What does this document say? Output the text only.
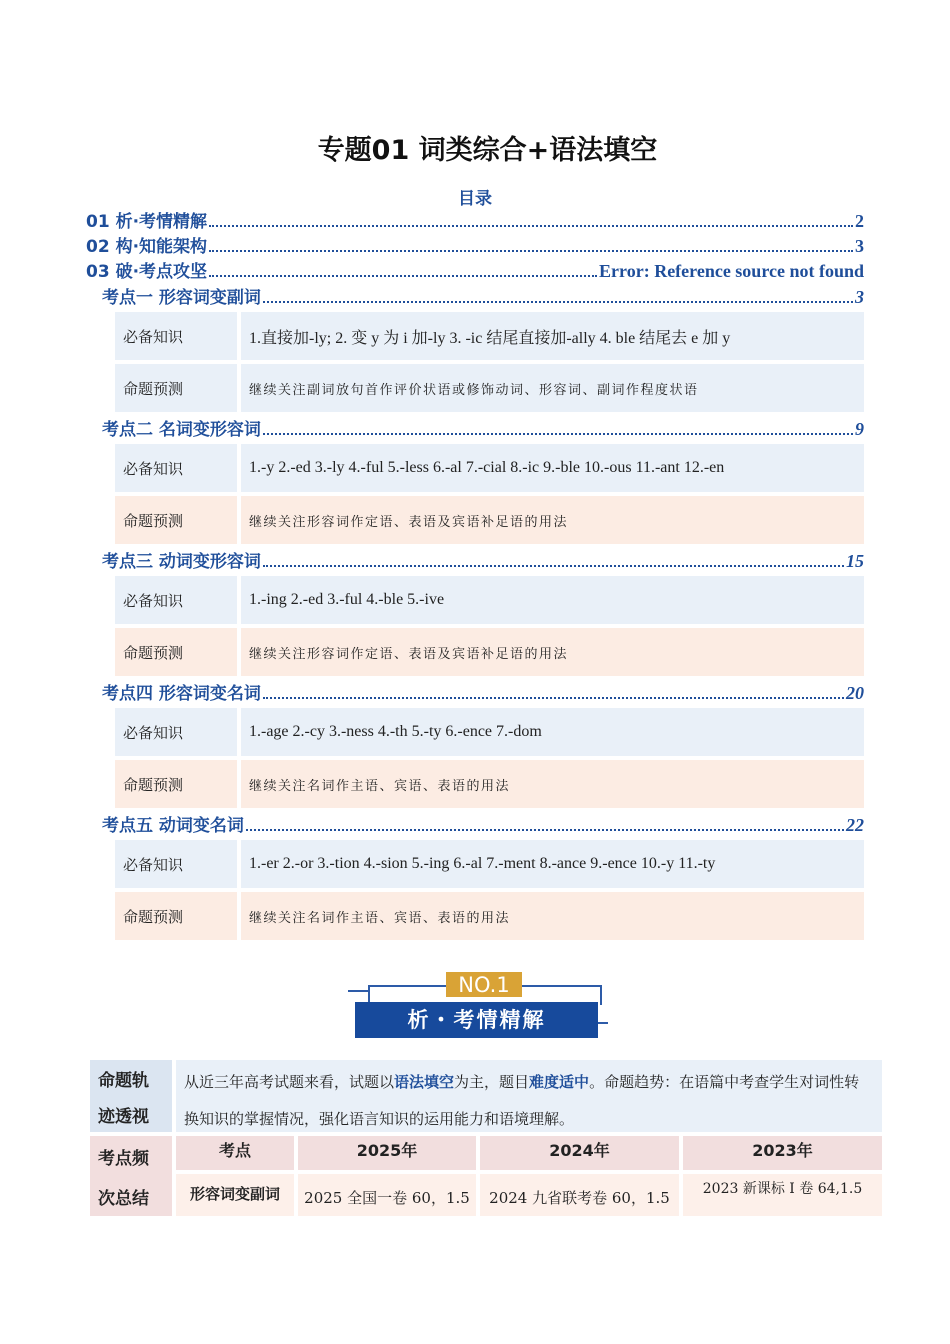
专题01 词类综合+语法填空
目录
01 析·考情精解	2
02 构·知能架构	3
03 破·考点攻坚	Error: Reference source not found
考点一 形容词变副词	3
必备知识	1.直接加-ly; 2. 变 y 为 i 加-ly 3. -ic 结尾直接加-ally 4. ble 结尾去 e 加 y
命题预测	继续关注副词放句首作评价状语或修饰动词、形容词、副词作程度状语
考点二 名词变形容词	9
必备知识	1.-y 2.-ed 3.-ly 4.-ful 5.-less 6.-al 7.-cial 8.-ic 9.-ble 10.-ous 11.-ant 12.-en
命题预测	继续关注形容词作定语、表语及宾语补足语的用法
考点三 动词变形容词	15
必备知识	1.-ing 2.-ed 3.-ful 4.-ble 5.-ive
命题预测	继续关注形容词作定语、表语及宾语补足语的用法
考点四 形容词变名词	20
必备知识	1.-age 2.-cy 3.-ness 4.-th 5.-ty 6.-ence 7.-dom
命题预测	继续关注名词作主语、宾语、表语的用法
考点五 动词变名词	22
必备知识	1.-er 2.-or 3.-tion 4.-sion 5.-ing 6.-al 7.-ment 8.-ance 9.-ence 10.-y 11.-ty
命题预测	继续关注名词作主语、宾语、表语的用法
NO.1
析・考情精解
命题轨
迹透视
从近三年高考试题来看，试题以语法填空为主，题目难度适中。命题趋势：在语篇中考查学生对词性转换知识的掌握情况，强化语言知识的运用能力和语境理解。
考点频
次总结
考点	2025年	2024年	2023年
形容词变副词	2025 全国一卷 60，1.5	2024 九省联考卷 60，1.5	2023 新课标 I 卷 64,1.5
